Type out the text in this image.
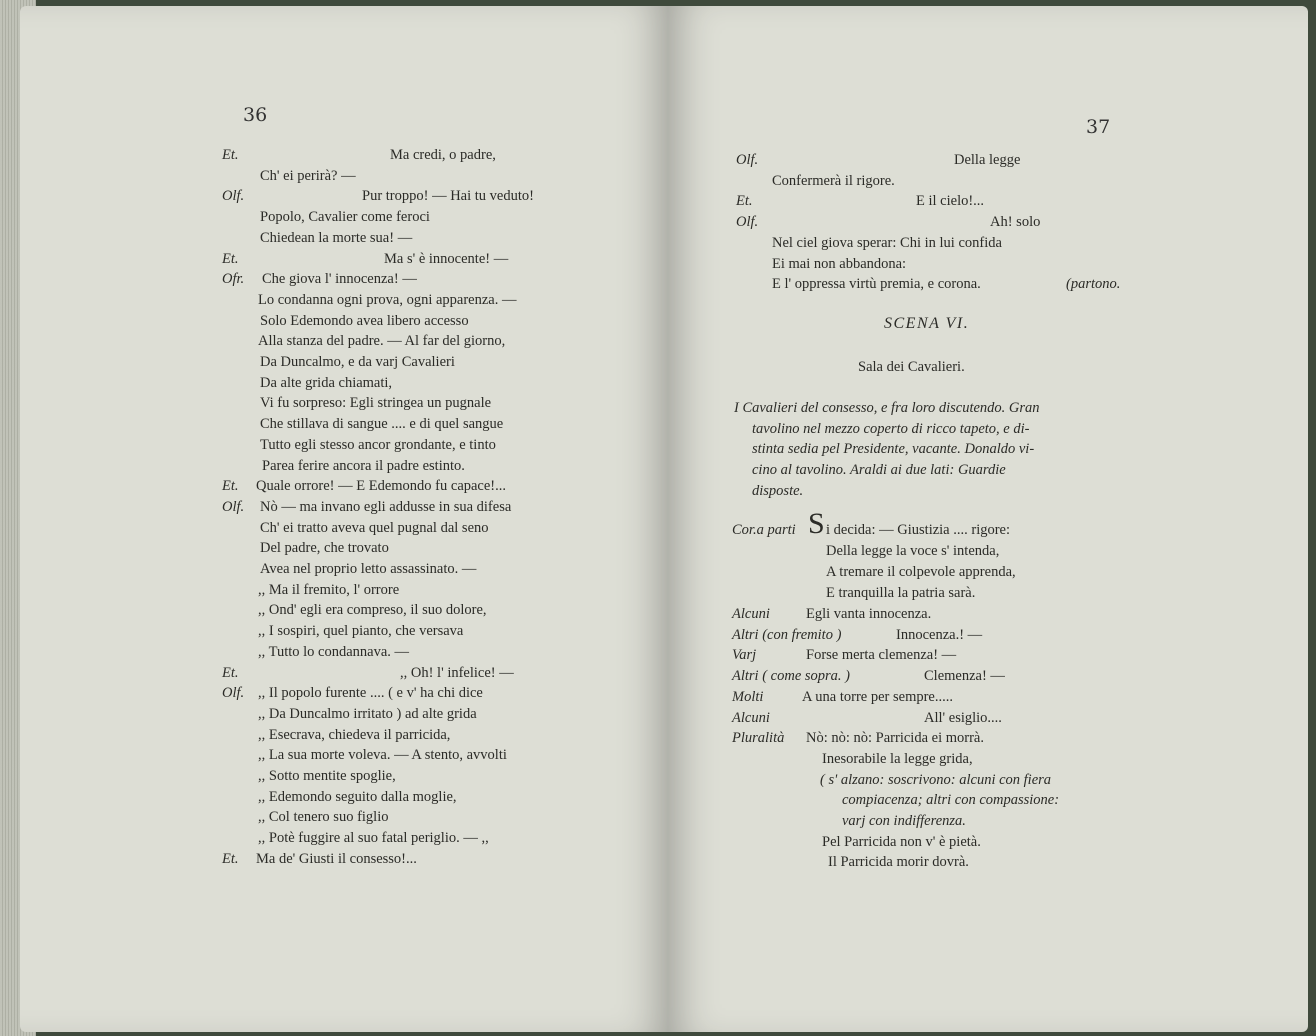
36
37
Et.	Ma credi, o padre,
Ch' ei perirà? —
Olf.	Pur troppo! — Hai tu veduto!
Popolo, Cavalier come feroci
Chiedean la morte sua! —
Et.	Ma s' è innocente! —
Ofr. Che giova l' innocenza! —
Lo condanna ogni prova, ogni apparenza. —
Solo Edemondo avea libero accesso
Alla stanza del padre. — Al far del giorno,
Da Duncalmo, e da varj Cavalieri
Da alte grida chiamati,
Vi fu sorpreso: Egli stringea un pugnale
Che stillava di sangue .... e di quel sangue
Tutto egli stesso ancor grondante, e tinto
Parea ferire ancora il padre estinto.
Et. Quale orrore! — E Edemondo fu capace!...
Olf. Nò — ma invano egli addusse in sua difesa
Ch' ei tratto aveva quel pugnal dal seno
Del padre, che trovato
Avea nel proprio letto assassinato. —
,, Ma il fremito, l' orrore
,, Ond' egli era compreso, il suo dolore,
,, I sospiri, quel pianto, che versava
,, Tutto lo condannava. —
Et.	,, Oh! l' infelice! —
Olf. ,, Il popolo furente .... ( e v' ha chi dice
,, Da Duncalmo irritato ) ad alte grida
,, Esecrava, chiedeva il parricida,
,, La sua morte voleva. — A stento, avvolti
,, Sotto mentite spoglie,
,, Edemondo seguito dalla moglie,
,, Col tenero suo figlio
,, Potè fuggire al suo fatal periglio. — ,,
Et. Ma de' Giusti il consesso!...
Olf.	Della legge
Confermerà il rigore.
Et.	E il cielo!...
Olf.	Ah! solo
Nel ciel giova sperar: Chi in lui confida
Ei mai non abbandona:
E l' oppressa virtù premia, e corona.	(partono.
SCENA VI.
Sala dei Cavalieri.
I Cavalieri del consesso, e fra loro discutendo. Gran
tavolino nel mezzo coperto di ricco tapeto, e di-
stinta sedia pel Presidente, vacante. Donaldo vi-
cino al tavolino. Araldi ai due lati: Guardie
disposte.
Cor.a parti S i decida: — Giustizia .... rigore:
Della legge la voce s' intenda,
A tremare il colpevole apprenda,
E tranquilla la patria sarà.
Alcuni Egli vanta innocenza.
Altri (con fremito )	Innocenza.! —
Varj	Forse merta clemenza! —
Altri ( come sopra. )	Clemenza! —
Molti	A una torre per sempre.....
Alcuni	All' esiglio....
Pluralità Nò: nò: nò: Parricida ei morrà.
Inesorabile la legge grida,
( s' alzano: soscrivono: alcuni con fiera
compiacenza; altri con compassione:
varj con indifferenza.
Pel Parricida non v' è pietà.
Il Parricida morir dovrà.
